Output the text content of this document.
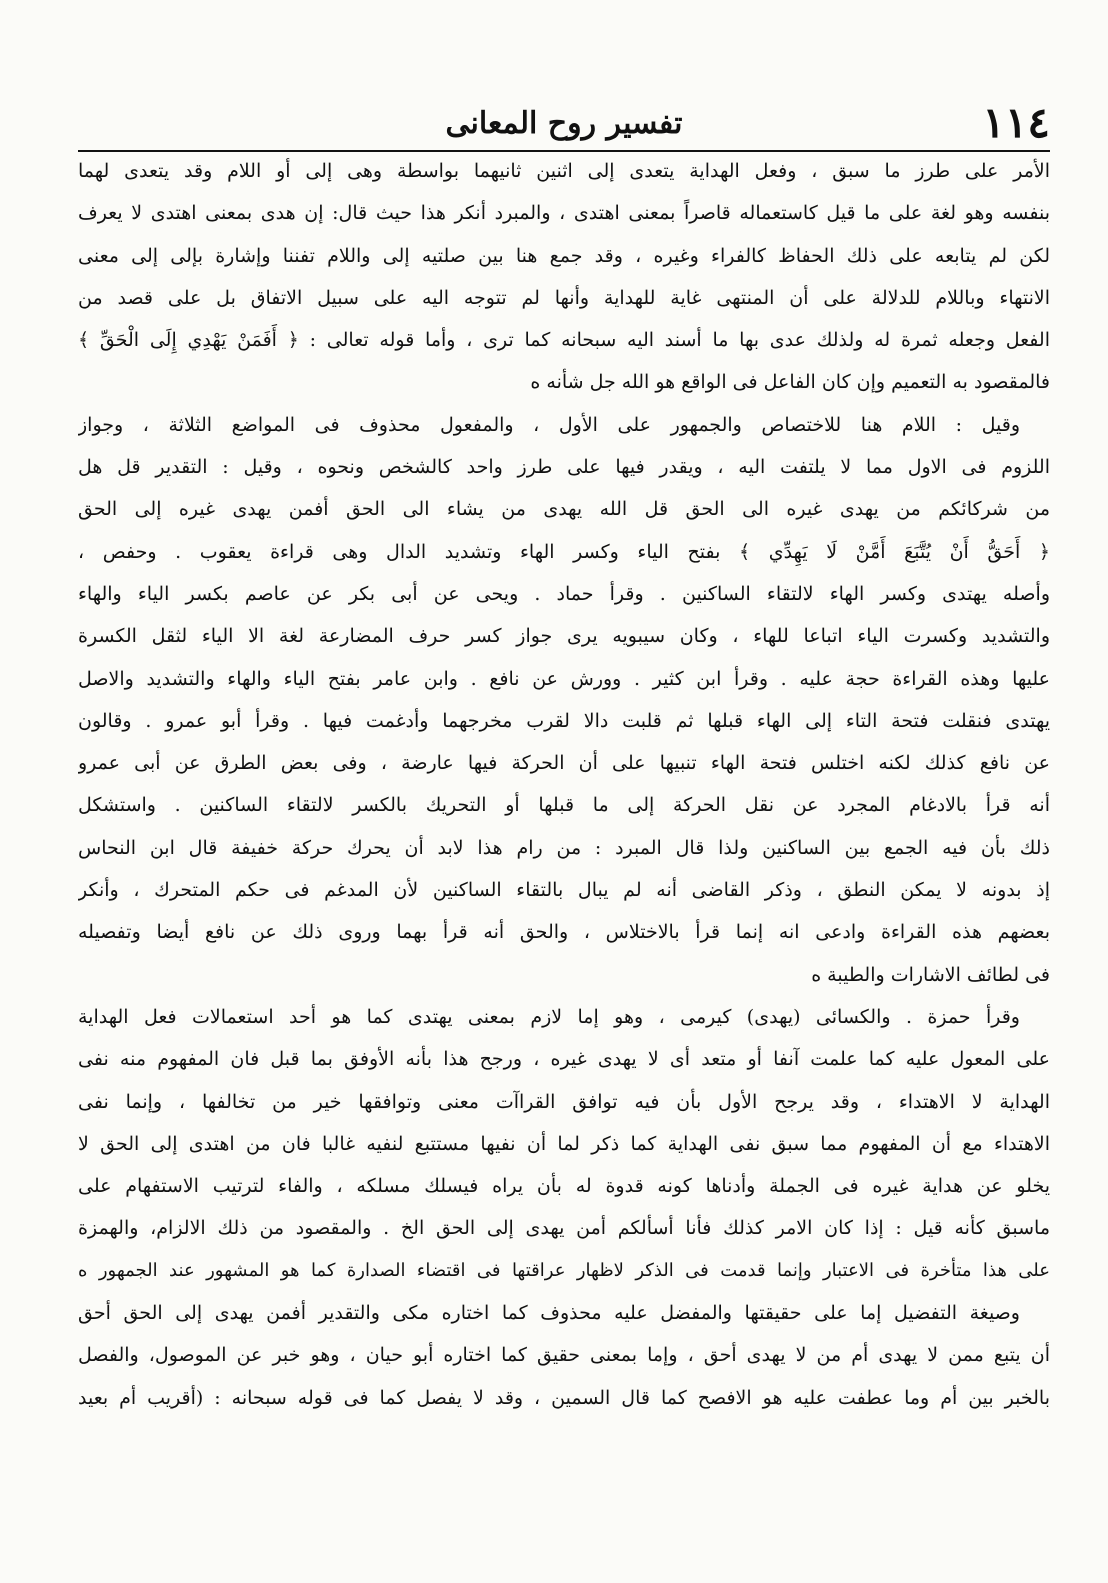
١١٤
تفسير روح المعانى
الأمر على طرز ما سبق ، وفعل الهداية يتعدى إلى اثنين ثانيهما بواسطة وهى إلى أو اللام وقد يتعدى لهما
بنفسه وهو لغة على ما قيل كاستعماله قاصراً بمعنى اهتدى ، والمبرد أنكر هذا حيث قال: إن هدى بمعنى اهتدى لا يعرف
لكن لم يتابعه على ذلك الحفاظ كالفراء وغيره ، وقد جمع هنا بين صلتيه إلى واللام تفننا وإشارة بإلى إلى معنى
الانتهاء وباللام للدلالة على أن المنتهى غاية للهداية وأنها لم تتوجه اليه على سبيل الاتفاق بل على قصد من
الفعل وجعله ثمرة له ولذلك عدى بها ما أسند اليه سبحانه كما ترى ، وأما قوله تعالى : ﴿ أَفَمَنْ يَهْدِي إِلَى الْحَقِّ ﴾
فالمقصود به التعميم وإن كان الفاعل فى الواقع هو الله جل شأنه ه
وقيل : اللام هنا للاختصاص والجمهور على الأول ، والمفعول محذوف فى المواضع الثلاثة ، وجواز
اللزوم فى الاول مما لا يلتفت اليه ، ويقدر فيها على طرز واحد كالشخص ونحوه ، وقيل : التقدير قل هل
من شركائكم من يهدى غيره الى الحق قل الله يهدى من يشاء الى الحق أفمن يهدى غيره إلى الحق
﴿ أَحَقُّ أَنْ يُتَّبَعَ أَمَّنْ لَا يَهِدِّي ﴾ بفتح الياء وكسر الهاء وتشديد الدال وهى قراءة يعقوب . وحفص ،
وأصله يهتدى وكسر الهاء لالتقاء الساكنين . وقرأ حماد . ويحى عن أبى بكر عن عاصم بكسر الياء والهاء
والتشديد وكسرت الياء اتباعا للهاء ، وكان سيبويه يرى جواز كسر حرف المضارعة لغة الا الياء لثقل الكسرة
عليها وهذه القراءة حجة عليه . وقرأ ابن كثير . وورش عن نافع . وابن عامر بفتح الياء والهاء والتشديد والاصل
يهتدى فنقلت فتحة التاء إلى الهاء قبلها ثم قلبت دالا لقرب مخرجهما وأدغمت فيها . وقرأ أبو عمرو . وقالون
عن نافع كذلك لكنه اختلس فتحة الهاء تنبيها على أن الحركة فيها عارضة ، وفى بعض الطرق عن أبى عمرو
أنه قرأ بالادغام المجرد عن نقل الحركة إلى ما قبلها أو التحريك بالكسر لالتقاء الساكنين . واستشكل
ذلك بأن فيه الجمع بين الساكنين ولذا قال المبرد : من رام هذا لابد أن يحرك حركة خفيفة قال ابن النحاس
إذ بدونه لا يمكن النطق ، وذكر القاضى أنه لم يبال بالتقاء الساكنين لأن المدغم فى حكم المتحرك ، وأنكر
بعضهم هذه القراءة وادعى انه إنما قرأ بالاختلاس ، والحق أنه قرأ بهما وروى ذلك عن نافع أيضا وتفصيله
فى لطائف الاشارات والطيبة ه
وقرأ حمزة . والكسائى (يهدى) كيرمى ، وهو إما لازم بمعنى يهتدى كما هو أحد استعمالات فعل الهداية
على المعول عليه كما علمت آنفا أو متعد أى لا يهدى غيره ، ورجح هذا بأنه الأوفق بما قبل فان المفهوم منه نفى
الهداية لا الاهتداء ، وقد يرجح الأول بأن فيه توافق القراآت معنى وتوافقها خير من تخالفها ، وإنما نفى
الاهتداء مع أن المفهوم مما سبق نفى الهداية كما ذكر لما أن نفيها مستتبع لنفيه غالبا فان من اهتدى إلى الحق لا
يخلو عن هداية غيره فى الجملة وأدناها كونه قدوة له بأن يراه فيسلك مسلكه ، والفاء لترتيب الاستفهام على
ماسبق كأنه قيل : إذا كان الامر كذلك فأنا أسألكم أمن يهدى إلى الحق الخ . والمقصود من ذلك الالزام، والهمزة
على هذا متأخرة فى الاعتبار وإنما قدمت فى الذكر لاظهار عراقتها فى اقتضاء الصدارة كما هو المشهور عند الجمهور ه
وصيغة التفضيل إما على حقيقتها والمفضل عليه محذوف كما اختاره مكى والتقدير أفمن يهدى إلى الحق أحق
أن يتبع ممن لا يهدى أم من لا يهدى أحق ، وإما بمعنى حقيق كما اختاره أبو حيان ، وهو خبر عن الموصول، والفصل
بالخبر بين أم وما عطفت عليه هو الافصح كما قال السمين ، وقد لا يفصل كما فى قوله سبحانه : (أقريب أم بعيد
